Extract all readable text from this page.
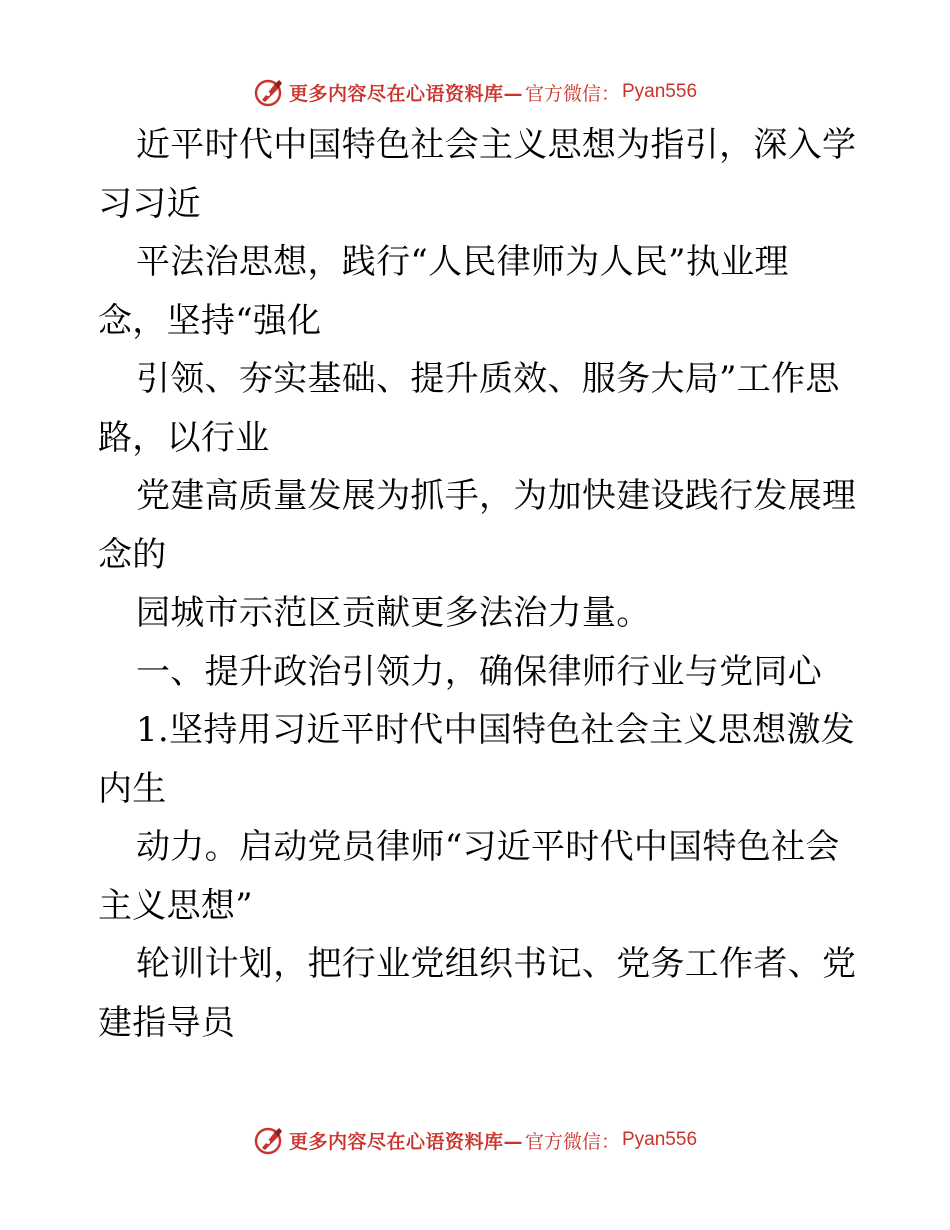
更多内容尽在心语资料库— 官方微信： Pyan556
近平时代中国特色社会主义思想为指引，深入学
习习近
平法治思想，践行“人民律师为人民”执业理
念，坚持“强化
引领、夯实基础、提升质效、服务大局”工作思
路，以行业
党建高质量发展为抓手，为加快建设践行发展理
念的
园城市示范区贡献更多法治力量。
一、提升政治引领力，确保律师行业与党同心
1.坚持用习近平时代中国特色社会主义思想激发
内生
动力。启动党员律师“习近平时代中国特色社会
主义思想”
轮训计划，把行业党组织书记、党务工作者、党
建指导员
更多内容尽在心语资料库— 官方微信： Pyan556
